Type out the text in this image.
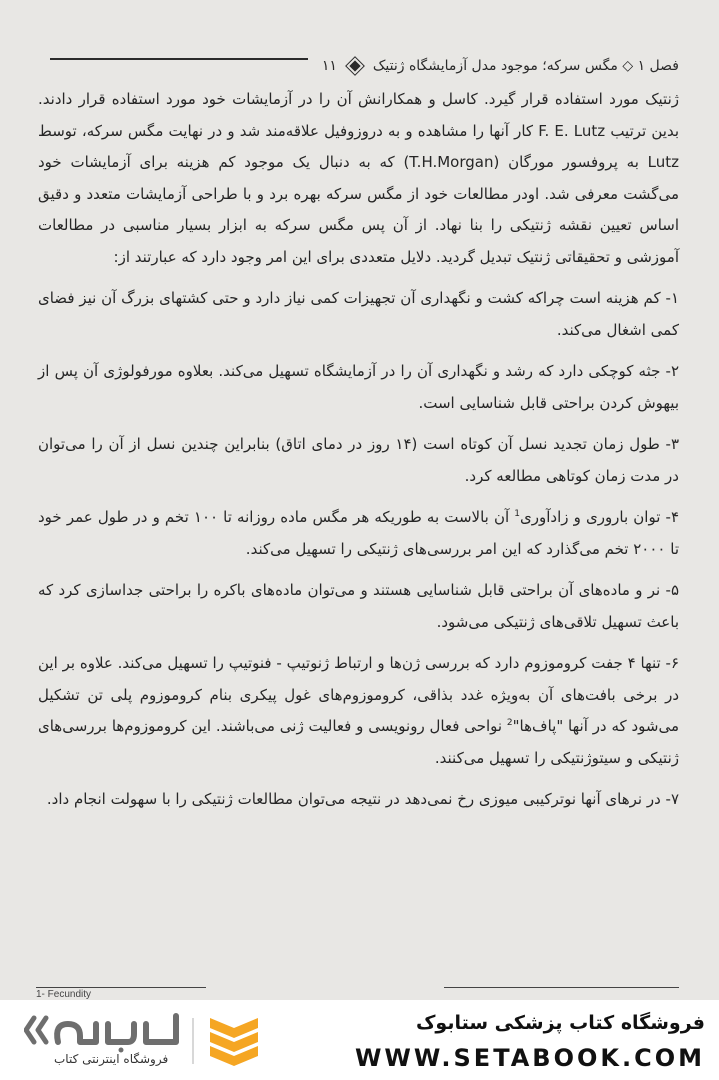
فصل ۱ ◇ مگس سرکه؛ موجود مدل آزمایشگاه ژنتیک
۱۱

ژنتیک مورد استفاده قرار گیرد. کاسل و همکارانش آن را در آزمایشات خود مورد استفاده قرار دادند. بدین ترتیب F. E. Lutz کار آنها را مشاهده و به دروزوفیل علاقه‌مند شد و در نهایت مگس سرکه، توسط Lutz به پروفسور مورگان (T.H.Morgan) که به دنبال یک موجود کم هزینه برای آزمایشات خود می‌گشت معرفی شد. اودر مطالعات خود از مگس سرکه بهره برد و با طراحی آزمایشات متعدد و دقیق اساس تعیین نقشه ژنتیکی را بنا نهاد. از آن پس مگس سرکه به ابزار بسیار مناسبی در مطالعات آموزشی و تحقیقاتی ژنتیک تبدیل گردید. دلایل متعددی برای این امر وجود دارد که عبارتند از:

۱- کم هزینه است چراکه کشت و نگهداری آن تجهیزات کمی نیاز دارد و حتی کشتهای بزرگ آن نیز فضای کمی اشغال می‌کند.

۲- جثه کوچکی دارد که رشد و نگهداری آن را در آزمایشگاه تسهیل می‌کند. بعلاوه مورفولوژی آن پس از بیهوش کردن براحتی قابل شناسایی است.

۳- طول زمان تجدید نسل آن کوتاه است (۱۴ روز در دمای اتاق) بنابراین چندین نسل از آن را می‌توان در مدت زمان کوتاهی مطالعه کرد.

۴- توان باروری و زادآوری$^1$ آن بالاست به طوریکه هر مگس ماده روزانه تا ۱۰۰ تخم و در طول عمر خود تا ۲۰۰۰ تخم می‌گذارد که این امر بررسی‌های ژنتیکی را تسهیل می‌کند.

۵- نر و ماده‌های آن براحتی قابل شناسایی هستند و می‌توان ماده‌های باکره را براحتی جداسازی کرد که باعث تسهیل تلاقی‌های ژنتیکی می‌شود.

۶- تنها ۴ جفت کروموزوم دارد که بررسی ژن‌ها و ارتباط ژنوتیپ - فنوتیپ را تسهیل می‌کند. علاوه بر این در برخی بافت‌های آن به‌ویژه غدد بذاقی، کروموزوم‌های غول پیکری بنام کروموزوم پلی تن تشکیل می‌شود که در آنها "پاف‌ها"$^2$ نواحی فعال رونویسی و فعالیت ژنی می‌باشند. این کروموزوم‌ها بررسی‌های ژنتیکی و سیتوژنتیکی را تسهیل می‌کنند.

۷- در نرهای آنها نوترکیبی میوزی رخ نمی‌دهد در نتیجه می‌توان مطالعات ژنتیکی را با سهولت انجام داد.

1- Fecundity
فروشگاه کتاب پزشکی ستابوک
WWW.SETABOOK.COM
فروشگاه اینترنتی کتاب
